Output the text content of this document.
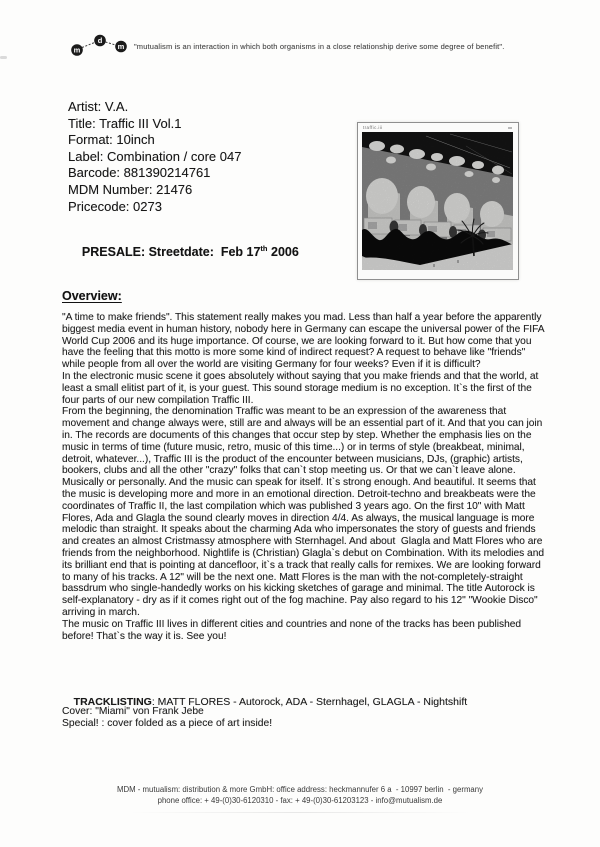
m
d
m "mutualism is an interaction in which both organisms in a close relationship derive some degree of benefit".
Artist: V.A.
Title: Traffic III Vol.1
Format: 10inch
Label: Combination / core 047
Barcode: 881390214761
MDM Number: 21476
Pricecode: 0273

PRESALE: Streetdate:  Feb 17th 2006

traffic.iii
Overview:

"A time to make friends". This statement really makes you mad. Less than half a year before the apparently biggest media event in human history, nobody here in Germany can escape the universal power of the FIFA World Cup 2006 and its huge importance. Of course, we are looking forward to it. But how come that you have the feeling that this motto is more some kind of indirect request? A request to behave like "friends" while people from all over the world are visiting Germany for four weeks? Even if it is difficult?

In the electronic music scene it goes absolutely without saying that you make friends and that the world, at least a small elitist part of it, is your guest. This sound storage medium is no exception. It`s the first of the four parts of our new compilation Traffic III.

From the beginning, the denomination Traffic was meant to be an expression of the awareness that movement and change always were, still are and always will be an essential part of it. And that you can join in. The records are documents of this changes that occur step by step. Whether the emphasis lies on the music in terms of time (future music, retro, music of this time...) or in terms of style (breakbeat, minimal, detroit, whatever...), Traffic III is the product of the encounter between musicians, DJs, (graphic) artists, bookers, clubs and all the other "crazy" folks that can`t stop meeting us. Or that we can`t leave alone. Musically or personally. And the music can speak for itself. It`s strong enough. And beautiful. It seems that the music is developing more and more in an emotional direction. Detroit-techno and breakbeats were the coordinates of Traffic II, the last compilation which was published 3 years ago. On the first 10" with Matt Flores, Ada and Glagla the sound clearly moves in direction 4/4. As always, the musical language is more melodic than straight. It speaks about the charming Ada who impersonates the story of guests and friends and creates an almost Cristmassy atmosphere with Sternhagel. And about  Glagla and Matt Flores who are friends from the neighborhood. Nightlife is (Christian) Glagla`s debut on Combination. With its melodies and its brilliant end that is pointing at dancefloor, it`s a track that really calls for remixes. We are looking forward to many of his tracks. A 12" will be the next one. Matt Flores is the man with the not-completely-straight bassdrum who single-handedly works on his kicking sketches of garage and minimal. The title Autorock is self-explanatory - dry as if it comes right out of the fog machine. Pay also regard to his 12" "Wookie Disco" arriving in march.

The music on Traffic III lives in different cities and countries and none of the tracks has been published before! That`s the way it is. See you!

TRACKLISTING: MATT FLORES - Autorock, ADA - Sternhagel, GLAGLA - Nightshift

Cover: "Miami" von Frank Jebe
Special! : cover folded as a piece of art inside!
MDM - mutualism: distribution & more GmbH: office address: heckmannufer 6 a  - 10997 berlin  - germany
phone office: + 49-(0)30-6120310 - fax: + 49-(0)30-61203123 - info@mutualism.de
